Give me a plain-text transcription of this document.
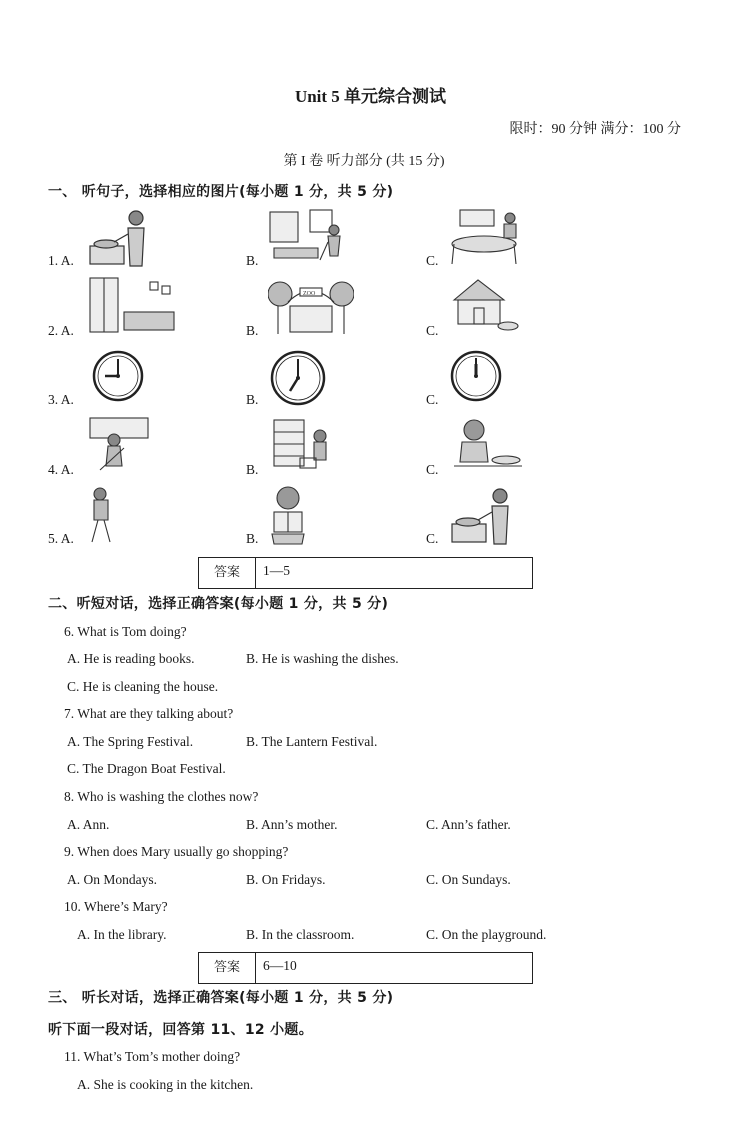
Unit 5 单元综合测试
限时：90 分钟 满分：100 分
第 I 卷 听力部分 (共 15 分)
一、 听句子，选择相应的图片(每小题 1 分，共 5 分)
1. A.	B.	C.
2. A.	B.	C.
3. A.	B.	C.
4. A.	B.	C.
5. A.	B.	C.
ZOO
答案	1—5
二、听短对话，选择正确答案(每小题 1 分，共 5 分)
6. What is Tom doing?
A. He is reading books.	B. He is washing the dishes.
C. He is cleaning the house.
7. What are they talking about?
A. The Spring Festival.	B. The Lantern Festival.
C. The Dragon Boat Festival.
8. Who is washing the clothes now?
A. Ann.	B. Ann’s mother.	C. Ann’s father.
9. When does Mary usually go shopping?
A. On Mondays.	B. On Fridays.	C. On Sundays.
10. Where’s Mary?
A. In the library.	B. In the classroom.	C. On the playground.
答案	6—10
三、 听长对话，选择正确答案(每小题 1 分，共 5 分)
听下面一段对话，回答第 11、12 小题。
11. What’s Tom’s mother doing?
A. She is cooking in the kitchen.
